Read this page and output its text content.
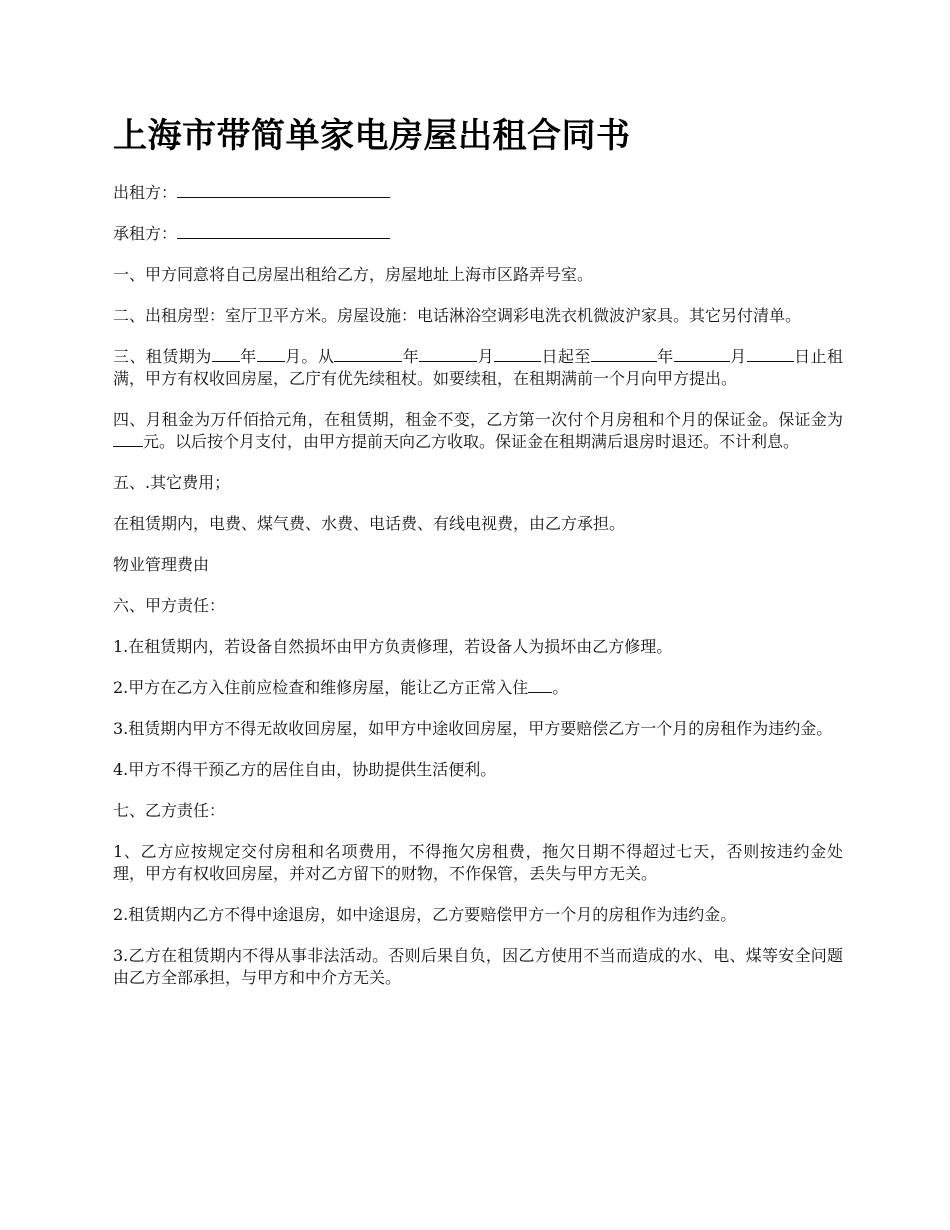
上海市带简单家电房屋出租合同书

出租方：

承租方：

一、甲方同意将自己房屋出租给乙方，房屋地址上海市区路弄号室。

二、出租房型：室厅卫平方米。房屋设施：电话淋浴空调彩电洗衣机微波沪家具。其它另付清单。

三、租赁期为 年 月。从	年	月	日起至	年	月	日止租满，甲方有权收回房屋，乙庁有优先续租杖。如要续租，在租期满前一个月向甲方提出。

四、月租金为万仟佰拾元角，在租赁期，租金不变，乙方第一次付个月房租和个月的保证金。保证金为元。以后按个月支付，由甲方提前天向乙方收取。保证金在租期满后退房时退还。不计利息。

五、.其它费用；

在租赁期内，电费、煤气费、水费、电话费、有线电视费，由乙方承担。

物业管理费由

六、甲方责任：

1.在租赁期内，若设备自然损坏由甲方负责修理，若设备人为损坏由乙方修理。

2.甲方在乙方入住前应检查和维修房屋，能让乙方正常入住 。

3.租赁期内甲方不得无故收回房屋，如甲方中途收回房屋，甲方要赔偿乙方一个月的房租作为违约金。

4.甲方不得干预乙方的居住自由，协助提供生活便利。

七、乙方责任：

1、乙方应按规定交付房租和名项费用，不得拖欠房租费，拖欠日期不得超过七天，否则按违约金处理，甲方有权收回房屋，并对乙方留下的财物，不作保管，丢失与甲方无关。

2.租赁期内乙方不得中途退房，如中途退房，乙方要赔偿甲方一个月的房租作为违约金。

3.乙方在租赁期内不得从事非法活动。否则后果自负，因乙方使用不当而造成的水、电、煤等安全问题由乙方全部承担，与甲方和中介方无关。
